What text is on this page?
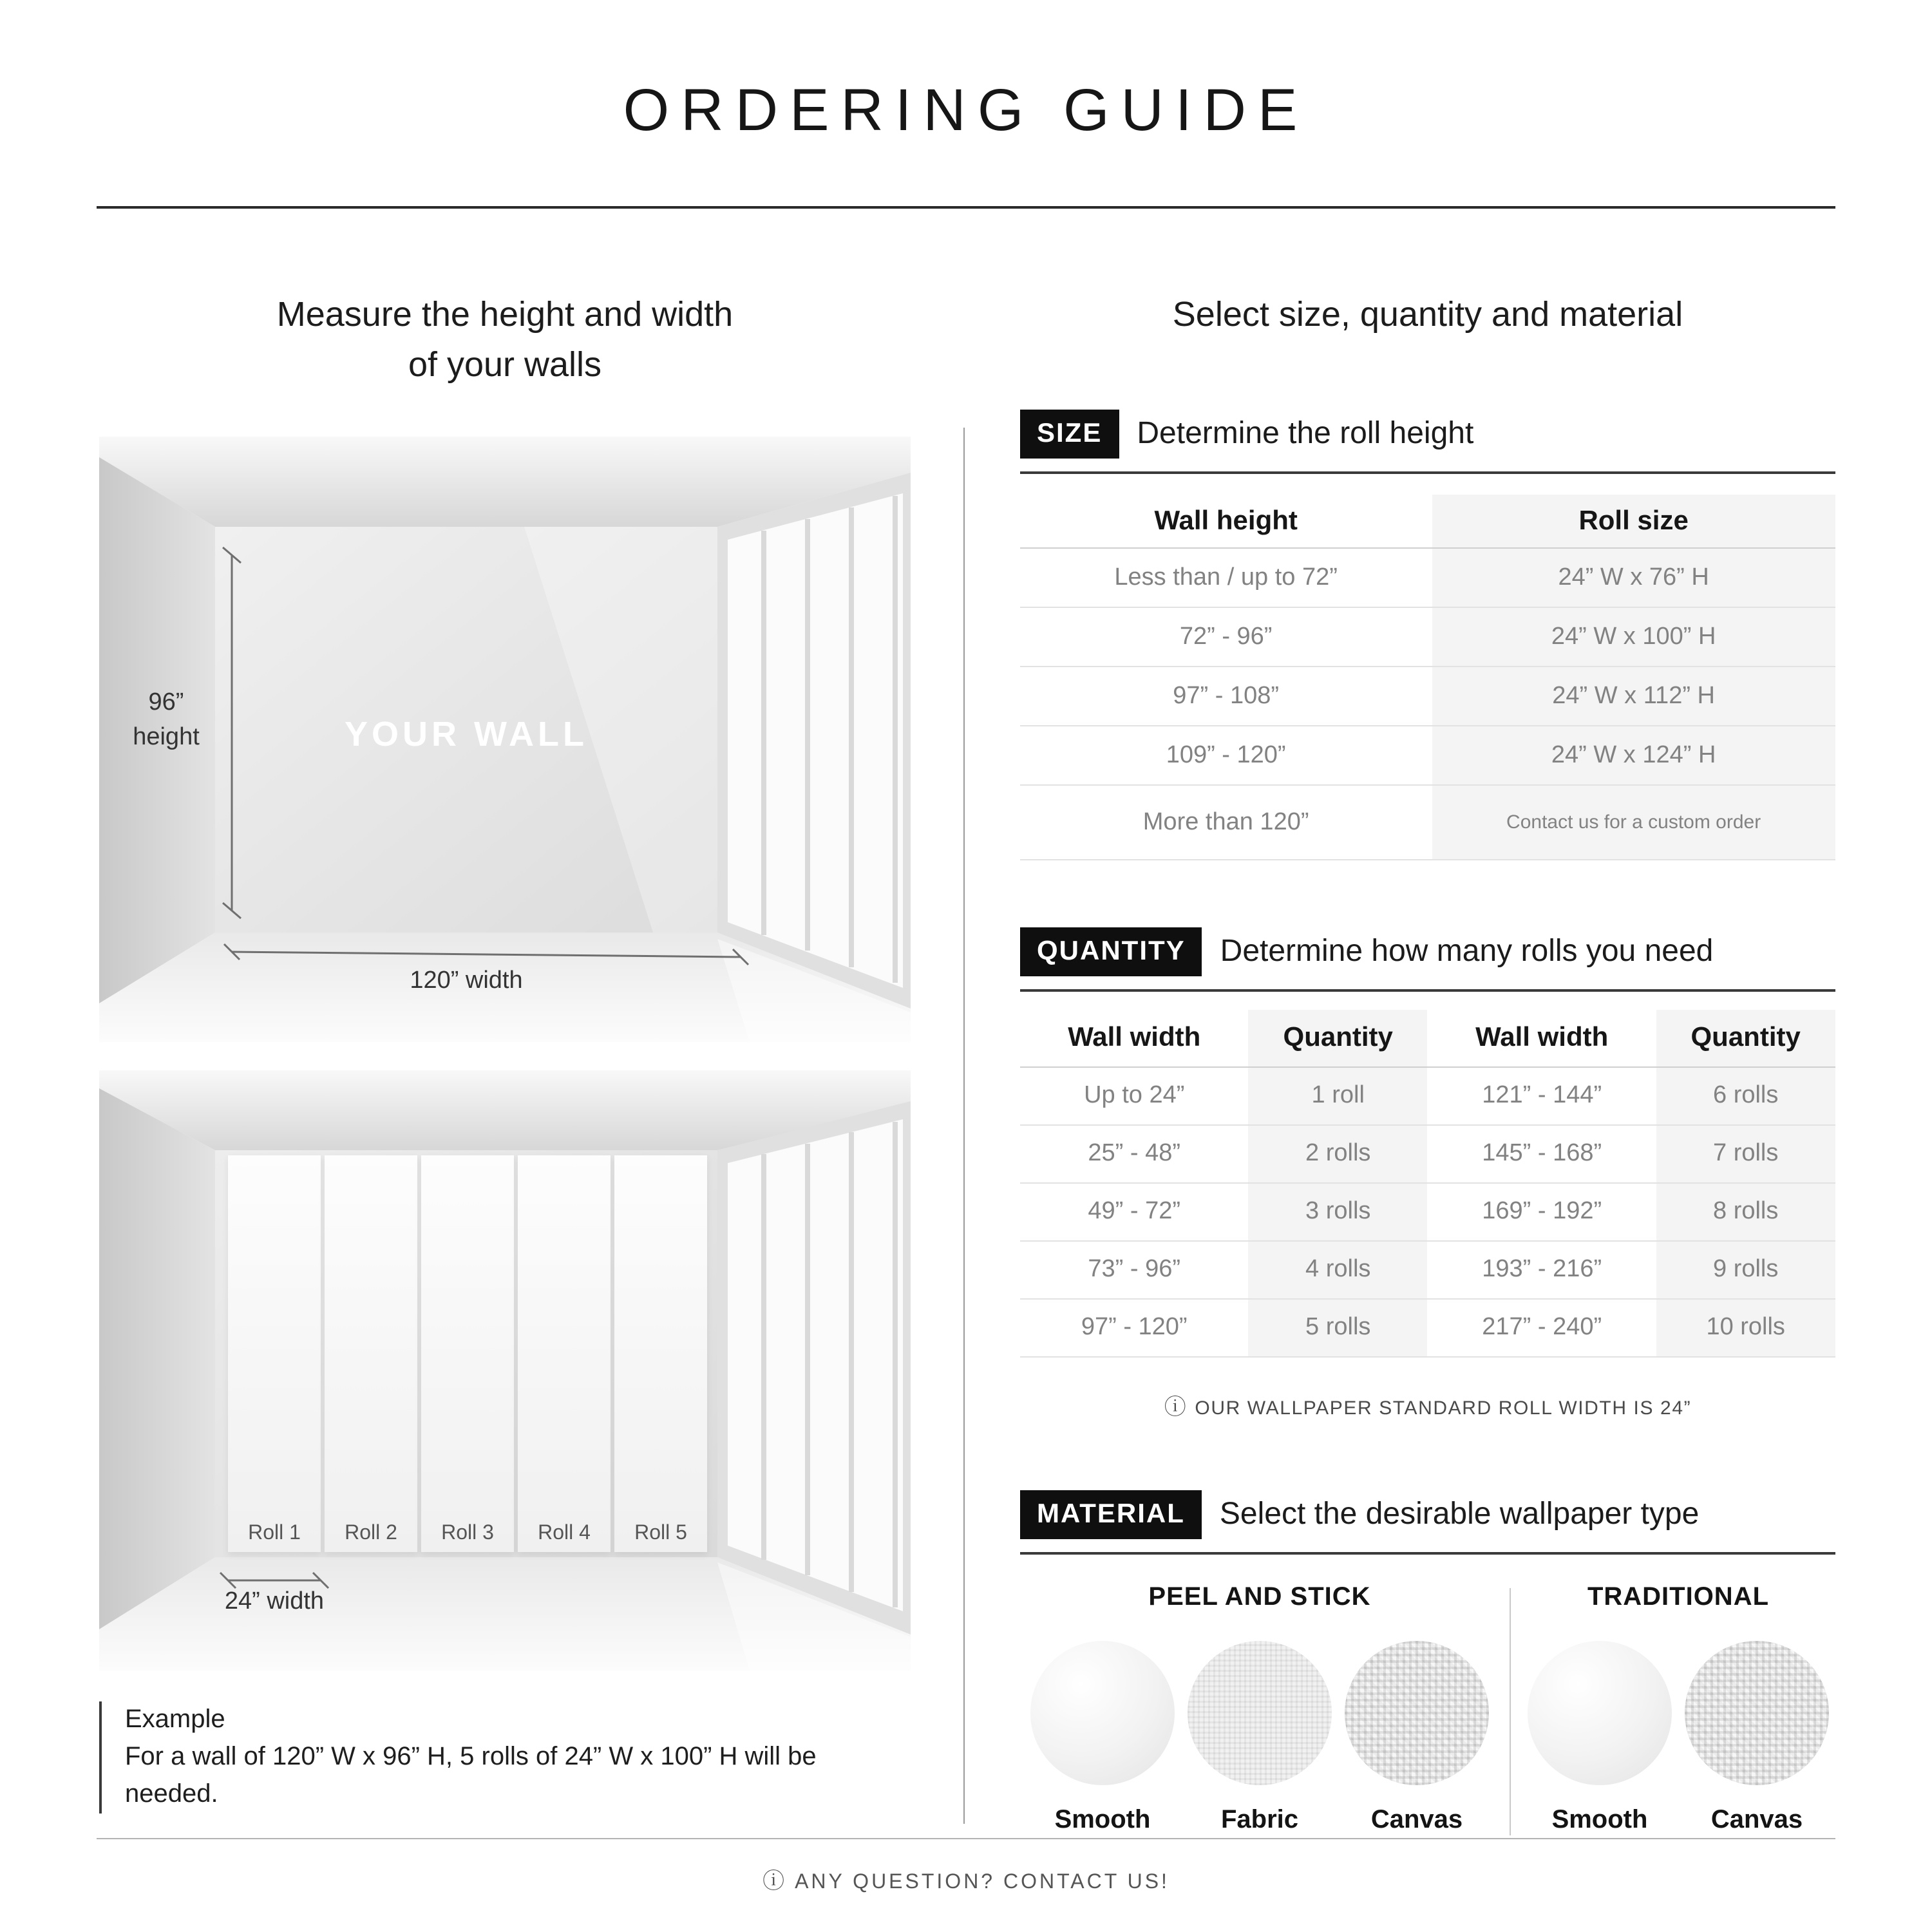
ORDERING GUIDE
Measure the height and width
of your walls
YOUR WALL
96”
height
120” width
Roll 1	Roll 2	Roll 3	Roll 4	Roll 5
24” width
Example
For a wall of 120” W x 96” H, 5 rolls of 24” W x 100” H will be needed.
Select size, quantity and material
SIZE	Determine the roll height
Wall height	Roll size
Less than / up to 72”	24” W x 76” H
72” - 96”	24” W x 100” H
97” - 108”	24” W x 112” H
109” - 120”	24” W x 124” H
More than 120”	Contact us for a custom order
QUANTITY	Determine how many rolls you need
Wall width	Quantity	Wall width	Quantity
Up to 24”	1 roll	121” - 144”	6 rolls
25” - 48”	2 rolls	145” - 168”	7 rolls
49” - 72”	3 rolls	169” - 192”	8 rolls
73” - 96”	4 rolls	193” - 216”	9 rolls
97” - 120”	5 rolls	217” - 240”	10 rolls
ⓘ OUR WALLPAPER STANDARD ROLL WIDTH IS 24”
MATERIAL	Select the desirable wallpaper type
PEEL AND STICK
Smooth	Fabric	Canvas
TRADITIONAL
Smooth	Canvas
ⓘ ANY QUESTION? CONTACT US!
